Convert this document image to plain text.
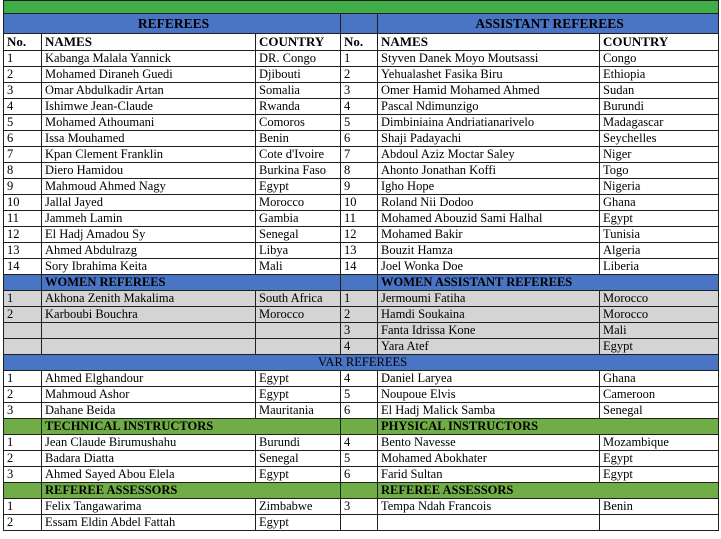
REFEREES				ASSISTANT REFEREES	
No.	NAMES	COUNTRY	No.	NAMES	COUNTRY
1	Kabanga Malala Yannick	DR. Congo	1	Styven Danek Moyo Moutsassi	Congo
2	Mohamed Diraneh Guedi	Djibouti	2	Yehualashet Fasika Biru	Ethiopia
3	Omar Abdulkadir Artan	Somalia	3	Omer Hamid Mohamed Ahmed	Sudan
4	Ishimwe Jean-Claude	Rwanda	4	Pascal Ndimunzigo	Burundi
5	Mohamed Athoumani	Comoros	5	Dimbiniaina Andriatianarivelo	Madagascar
6	Issa Mouhamed	Benin	6	Shaji Padayachi	Seychelles
7	Kpan Clement Franklin	Cote d'Ivoire	7	Abdoul Aziz Moctar Saley	Niger
8	Diero Hamidou	Burkina Faso	8	Ahonto Jonathan Koffi	Togo
9	Mahmoud Ahmed Nagy	Egypt	9	Igho Hope	Nigeria
10	Jallal Jayed	Morocco	10	Roland Nii Dodoo	Ghana
11	Jammeh Lamin	Gambia	11	Mohamed Abouzid Sami Halhal	Egypt
12	El Hadj Amadou Sy	Senegal	12	Mohamed Bakir	Tunisia
13	Ahmed Abdulrazg	Libya	13	Bouzit Hamza	Algeria
14	Sory Ibrahima Keita	Mali	14	Joel Wonka Doe	Liberia
	WOMEN REFEREES			WOMEN ASSISTANT REFEREES	
1	Akhona Zenith Makalima	South Africa	1	Jermoumi Fatiha	Morocco
2	Karboubi Bouchra	Morocco	2	Hamdi Soukaina	Morocco
			3	Fanta Idrissa Kone	Mali
			4	Yara Atef	Egypt
VAR REFEREES					
1	Ahmed Elghandour	Egypt	4	Daniel Laryea	Ghana
2	Mahmoud Ashor	Egypt	5	Noupoue Elvis	Cameroon
3	Dahane Beida	Mauritania	6	El Hadj Malick Samba	Senegal
	TECHNICAL INSTRUCTORS			PHYSICAL INSTRUCTORS	
1	Jean Claude Birumushahu	Burundi	4	Bento Navesse	Mozambique
2	Badara Diatta	Senegal	5	Mohamed Abokhater	Egypt
3	Ahmed Sayed Abou Elela	Egypt	6	Farid Sultan	Egypt
	REFEREE ASSESSORS			REFEREE ASSESSORS	
1	Felix Tangawarima	Zimbabwe	3	Tempa Ndah Francois	Benin
2	Essam Eldin Abdel Fattah	Egypt			
